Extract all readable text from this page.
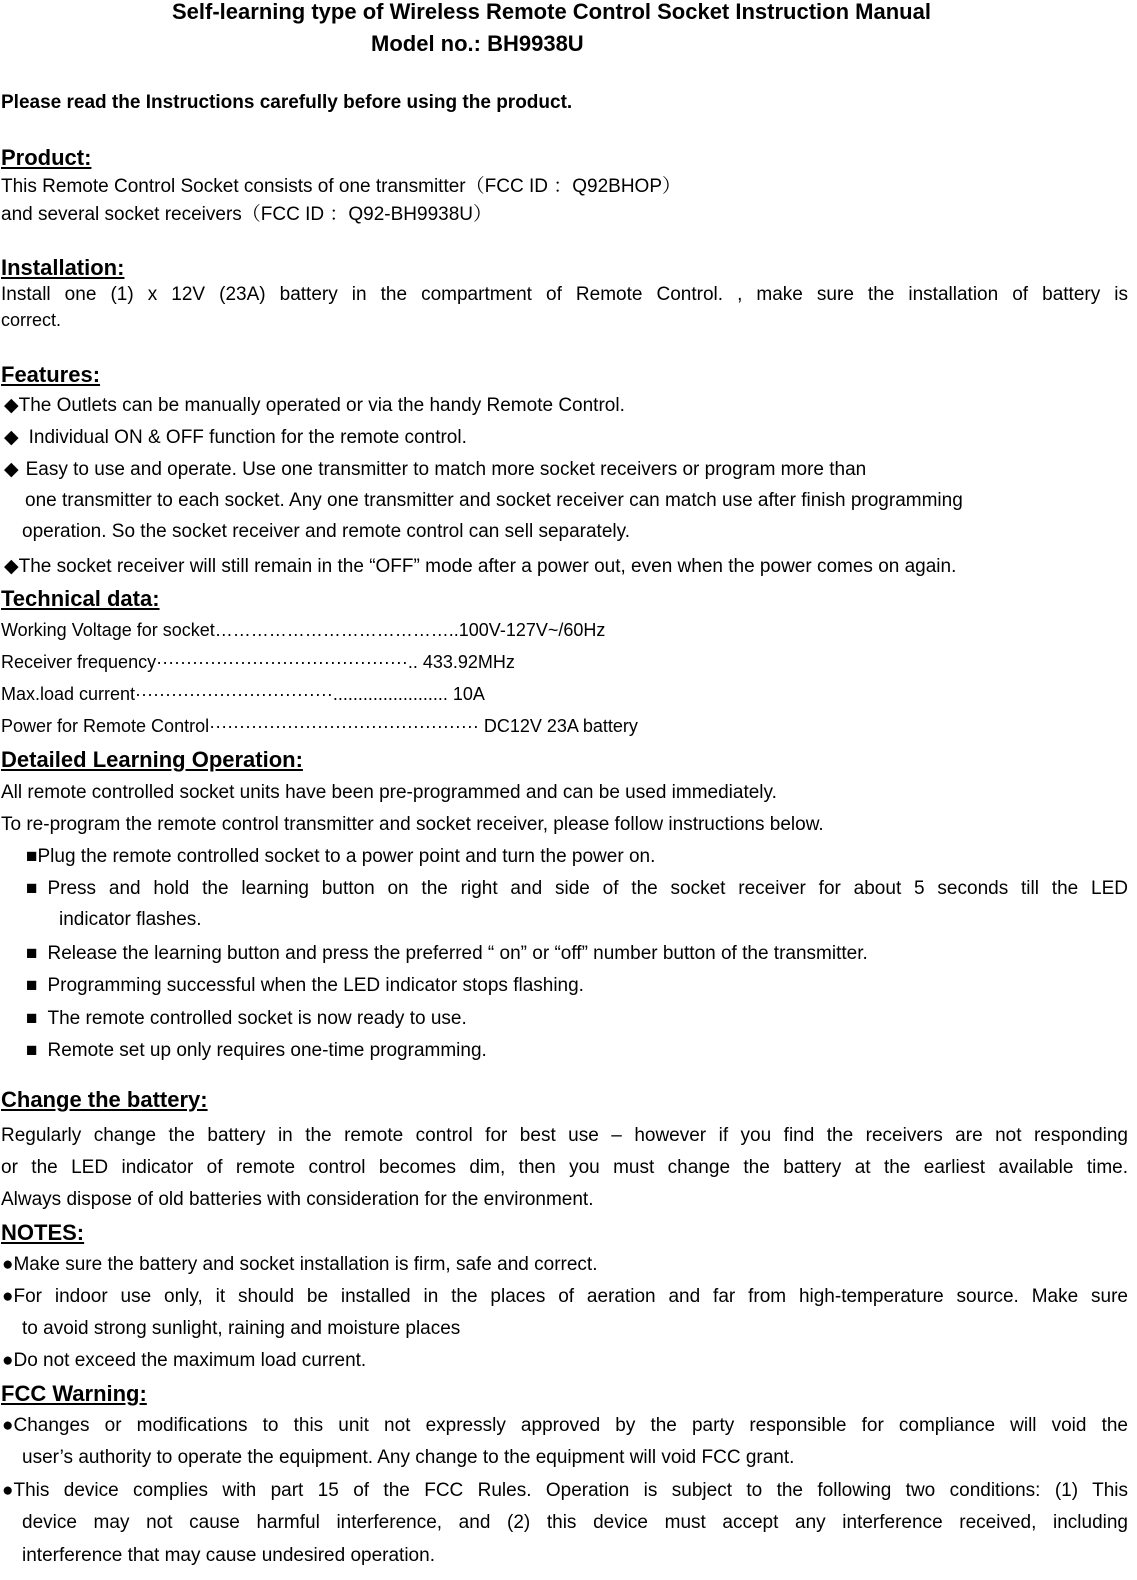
Self-learning type of Wireless Remote Control Socket Instruction Manual
Model no.: BH9938U
Please read the Instructions carefully before using the product.
Product:
This Remote Control Socket consists of one transmitter（FCC ID ：Q92BHOP）
and several socket receivers（FCC ID ：Q92-BH9938U）
Installation:
Install one (1) x 12V (23A) battery in the compartment of Remote Control. , make sure the installation of battery is
correct.
Features:
◆The Outlets can be manually operated or via the handy Remote Control.
◆ Individual ON & OFF function for the remote control.
◆ Easy to use and operate. Use one transmitter to match more socket receivers or program more than
one transmitter to each socket. Any one transmitter and socket receiver can match use after finish programming
operation. So the socket receiver and remote control can sell separately.
◆The socket receiver will still remain in the “OFF” mode after a power out, even when the power comes on again.
Technical data:
Working Voltage for socket…………………………………..100V-127V~/60Hz
Receiver frequency··········································.. 433.92MHz
Max.load current·································....................... 10A
Power for Remote Control············································· DC12V 23A battery
Detailed Learning Operation:
All remote controlled socket units have been pre-programmed and can be used immediately.
To re-program the remote control transmitter and socket receiver, please follow instructions below.
■Plug the remote controlled socket to a power point and turn the power on.
■ Press and hold the learning button on the right and side of the socket receiver for about 5 seconds till the LED
indicator flashes.
■ Release the learning button and press the preferred “ on” or “off” number button of the transmitter.
■ Programming successful when the LED indicator stops flashing.
■ The remote controlled socket is now ready to use.
■ Remote set up only requires one-time programming.
Change the battery:
Regularly change the battery in the remote control for best use – however if you find the receivers are not responding
or the LED indicator of remote control becomes dim, then you must change the battery at the earliest available time.
Always dispose of old batteries with consideration for the environment.
NOTES:
●Make sure the battery and socket installation is firm, safe and correct.
●For indoor use only, it should be installed in the places of aeration and far from high-temperature source. Make sure
to avoid strong sunlight, raining and moisture places
●Do not exceed the maximum load current.
FCC Warning:
●Changes or modifications to this unit not expressly approved by the party responsible for compliance will void the
user’s authority to operate the equipment. Any change to the equipment will void FCC grant.
●This device complies with part 15 of the FCC Rules. Operation is subject to the following two conditions: (1) This
device may not cause harmful interference, and (2) this device must accept any interference received, including
interference that may cause undesired operation.
